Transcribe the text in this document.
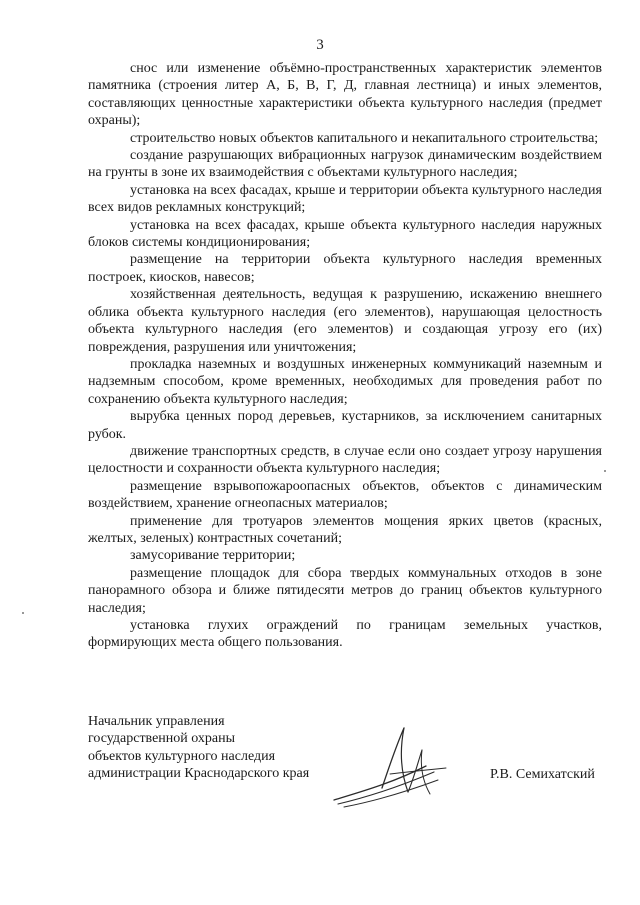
3

снос или изменение объёмно-пространственных характеристик элементов памятника (строения литер А, Б, В, Г, Д, главная лестница) и иных элементов, составляющих ценностные характеристики объекта культурного наследия (предмет охраны);

строительство новых объектов капитального и некапитального строительства;

создание разрушающих вибрационных нагрузок динамическим воздействием на грунты в зоне их взаимодействия с объектами культурного наследия;

установка на всех фасадах, крыше и территории объекта культурного наследия всех видов рекламных конструкций;

установка на всех фасадах, крыше объекта культурного наследия наружных блоков системы кондиционирования;

размещение на территории объекта культурного наследия временных построек, киосков, навесов;

хозяйственная деятельность, ведущая к разрушению, искажению внешнего облика объекта культурного наследия (его элементов), нарушающая целостность объекта культурного наследия (его элементов) и создающая угрозу его (их) повреждения, разрушения или уничтожения;

прокладка наземных и воздушных инженерных коммуникаций наземным и надземным способом, кроме временных, необходимых для проведения работ по сохранению объекта культурного наследия;

вырубка ценных пород деревьев, кустарников, за исключением санитарных рубок.

движение транспортных средств, в случае если оно создает угрозу нарушения целостности и сохранности объекта культурного наследия;

размещение взрывопожароопасных объектов, объектов с динамическим воздействием, хранение огнеопасных материалов;

применение для тротуаров элементов мощения ярких цветов (красных, желтых, зеленых) контрастных сочетаний;

замусоривание территории;

размещение площадок для сбора твердых коммунальных отходов в зоне панорамного обзора и ближе пятидесяти метров до границ объектов культурного наследия;

установка глухих ограждений по границам земельных участков, формирующих места общего пользования.

Начальник управления
государственной охраны
объектов культурного наследия
администрации Краснодарского края	Р.В. Семихатский
